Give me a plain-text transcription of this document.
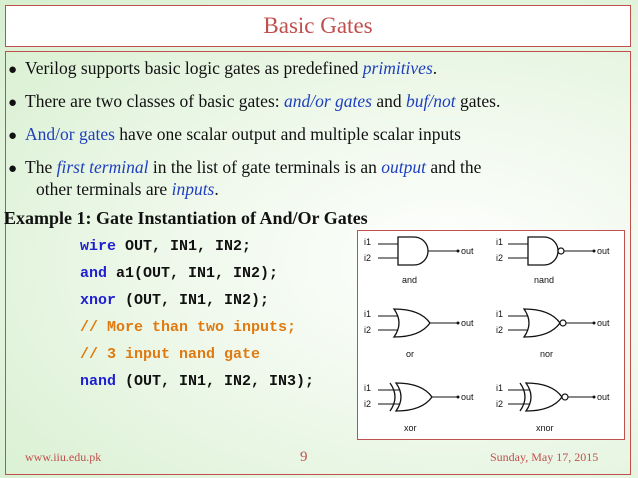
Basic Gates
● Verilog supports basic logic gates as predefined primitives.
● There are two classes of basic gates: and/or gates and buf/not gates.
● And/or gates have one scalar output and multiple scalar inputs
● The first terminal in the list of gate terminals is an output and the
other terminals are inputs.
Example 1: Gate Instantiation of And/Or Gates
wire OUT, IN1, IN2;
and a1(OUT, IN1, IN2);
xnor (OUT, IN1, IN2);
// More than two inputs;
// 3 input nand gate
nand (OUT, IN1, IN2, IN3);
i1
i2
out
and
i1
i2
out
nand
i1
i2
out
or
i1
i2
out
nor
i1
i2
out
xor
i1
i2
out
xnor
www.iiu.edu.pk	9	Sunday, May 17, 2015
